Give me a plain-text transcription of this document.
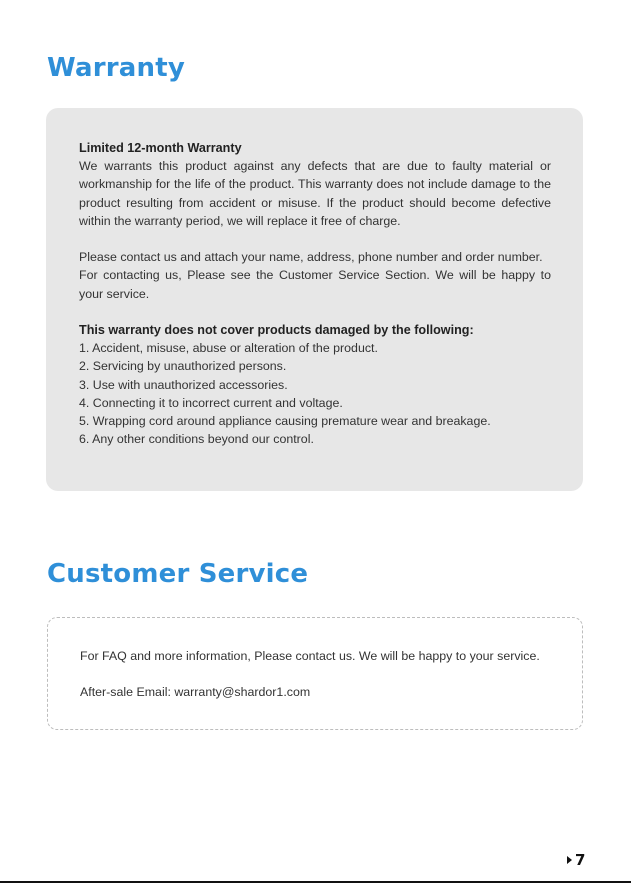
Warranty
Limited 12-month Warranty

We warrants this product against any defects that are due to faulty material or workmanship for the life of the product. This warranty does not include damage to the product resulting from accident or misuse. If the product should become defective within the warranty period, we will replace it free of charge.

Please contact us and attach your name, address, phone number and order number.

For contacting us, Please see the Customer Service Section. We will be happy to your service.

This warranty does not cover products damaged by the following:

1. Accident, misuse, abuse or alteration of the product.

2. Servicing by unauthorized persons.

3. Use with unauthorized accessories.

4. Connecting it to incorrect current and voltage.

5. Wrapping cord around appliance causing premature wear and breakage.

6. Any other conditions beyond our control.

Customer Service

For FAQ and more information, Please contact us. We will be happy to your service.

After-sale Email: warranty@shardor1.com

7
